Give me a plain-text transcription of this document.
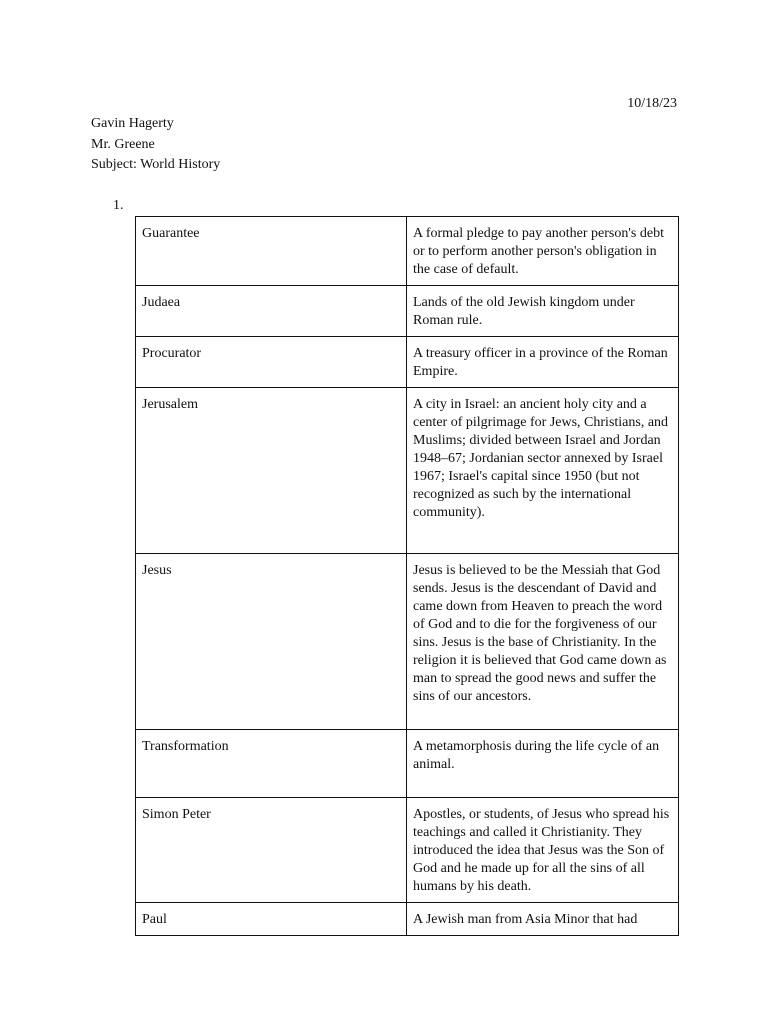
10/18/23
Gavin Hagerty
Mr. Greene
Subject: World History
1.
Guarantee	A formal pledge to pay another person's debt or to perform another person's obligation in the case of default.
Judaea	Lands of the old Jewish kingdom under Roman rule.
Procurator	A treasury officer in a province of the Roman Empire.
Jerusalem	A city in Israel: an ancient holy city and a center of pilgrimage for Jews, Christians, and Muslims; divided between Israel and Jordan 1948–67; Jordanian sector annexed by Israel 1967; Israel's capital since 1950 (but not recognized as such by the international community).
Jesus	Jesus is believed to be the Messiah that God sends. Jesus is the descendant of David and came down from Heaven to preach the word of God and to die for the forgiveness of our sins. Jesus is the base of Christianity. In the religion it is believed that God came down as man to spread the good news and suffer the sins of our ancestors.
Transformation	A metamorphosis during the life cycle of an animal.
Simon Peter	Apostles, or students, of Jesus who spread his teachings and called it Christianity. They introduced the idea that Jesus was the Son of God and he made up for all the sins of all humans by his death.
Paul	A Jewish man from Asia Minor that had
